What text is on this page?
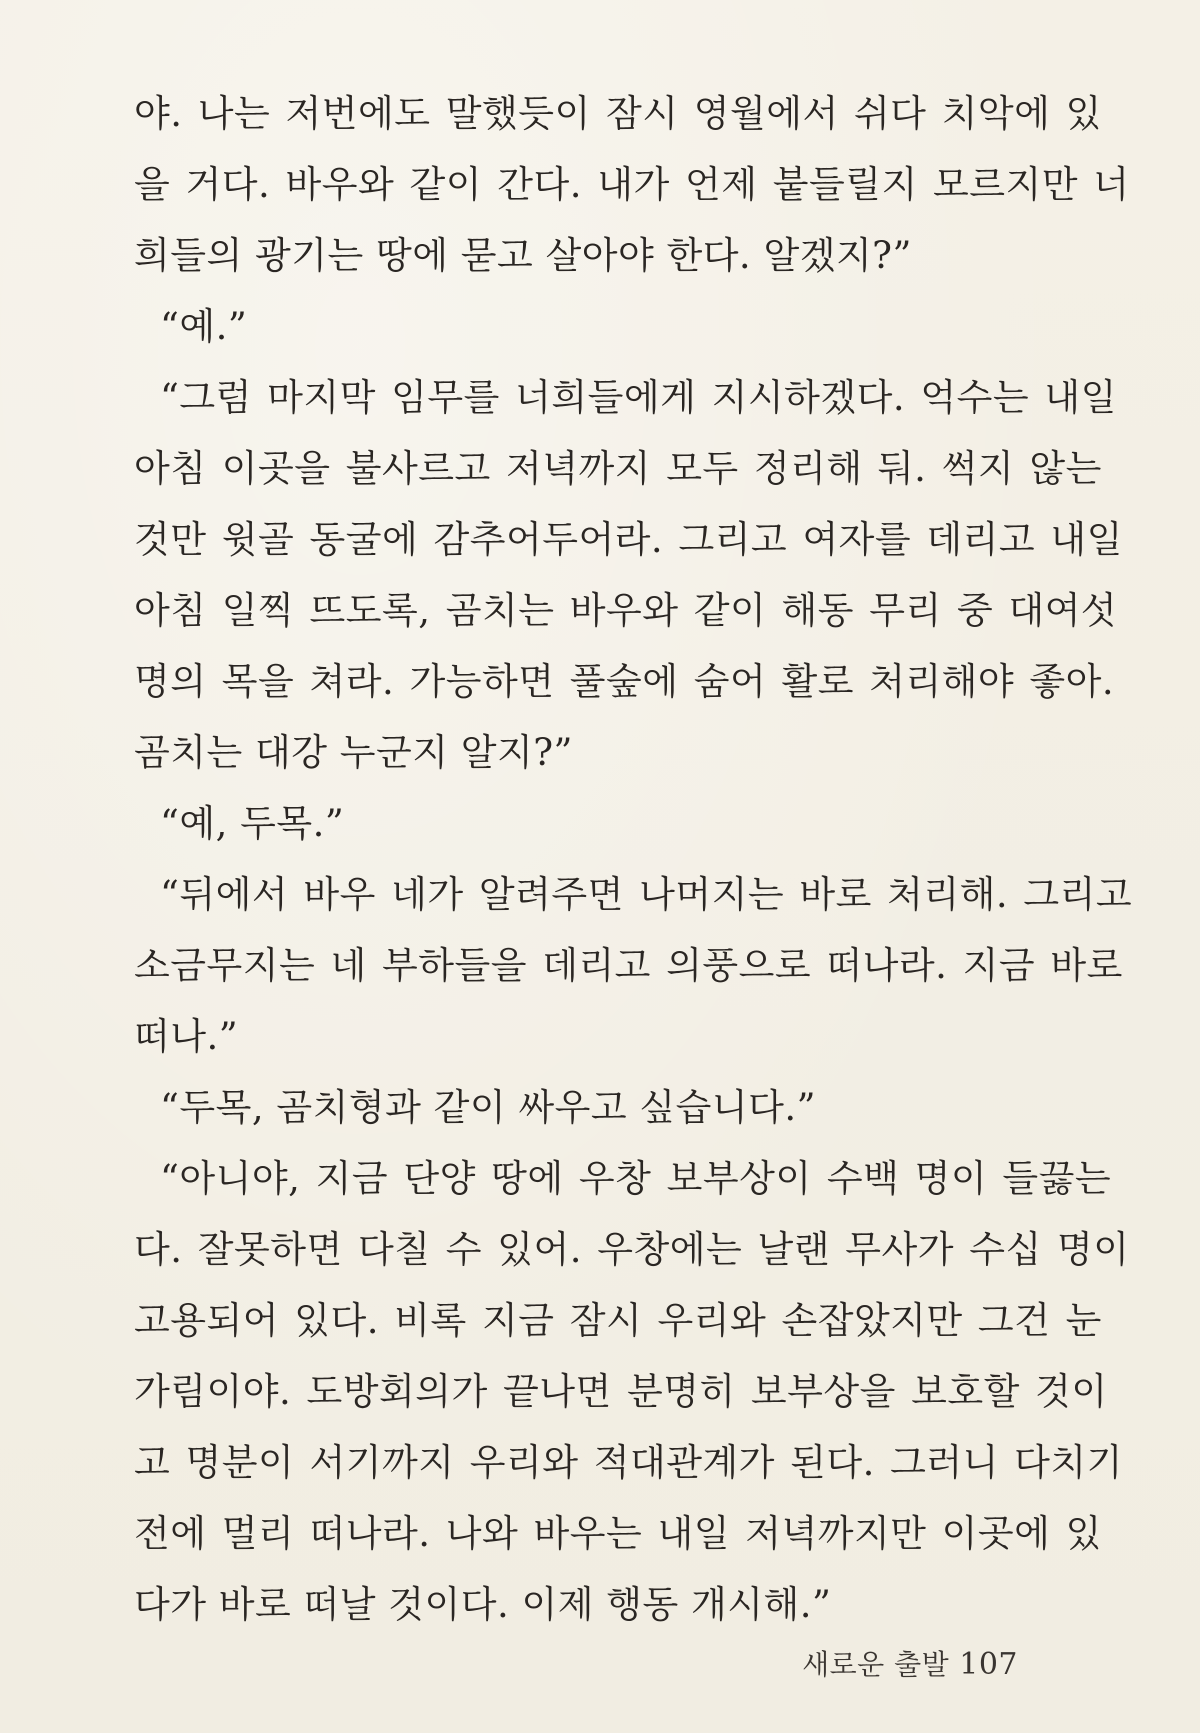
야. 나는 저번에도 말했듯이 잠시 영월에서 쉬다 치악에 있
을 거다. 바우와 같이 간다. 내가 언제 붙들릴지 모르지만 너
희들의 광기는 땅에 묻고 살아야 한다. 알겠지?”
“예.”
“그럼 마지막 임무를 너희들에게 지시하겠다. 억수는 내일
아침 이곳을 불사르고 저녁까지 모두 정리해 둬. 썩지 않는
것만 윗골 동굴에 감추어두어라. 그리고 여자를 데리고 내일
아침 일찍 뜨도록, 곰치는 바우와 같이 해동 무리 중 대여섯
명의 목을 쳐라. 가능하면 풀숲에 숨어 활로 처리해야 좋아.
곰치는 대강 누군지 알지?”
“예, 두목.”
“뒤에서 바우 네가 알려주면 나머지는 바로 처리해. 그리고
소금무지는 네 부하들을 데리고 의풍으로 떠나라. 지금 바로
떠나.”
“두목, 곰치형과 같이 싸우고 싶습니다.”
“아니야, 지금 단양 땅에 우창 보부상이 수백 명이 들끓는
다. 잘못하면 다칠 수 있어. 우창에는 날랜 무사가 수십 명이
고용되어 있다. 비록 지금 잠시 우리와 손잡았지만 그건 눈
가림이야. 도방회의가 끝나면 분명히 보부상을 보호할 것이
고 명분이 서기까지 우리와 적대관계가 된다. 그러니 다치기
전에 멀리 떠나라. 나와 바우는 내일 저녁까지만 이곳에 있
다가 바로 떠날 것이다. 이제 행동 개시해.”
새로운 출발 107
